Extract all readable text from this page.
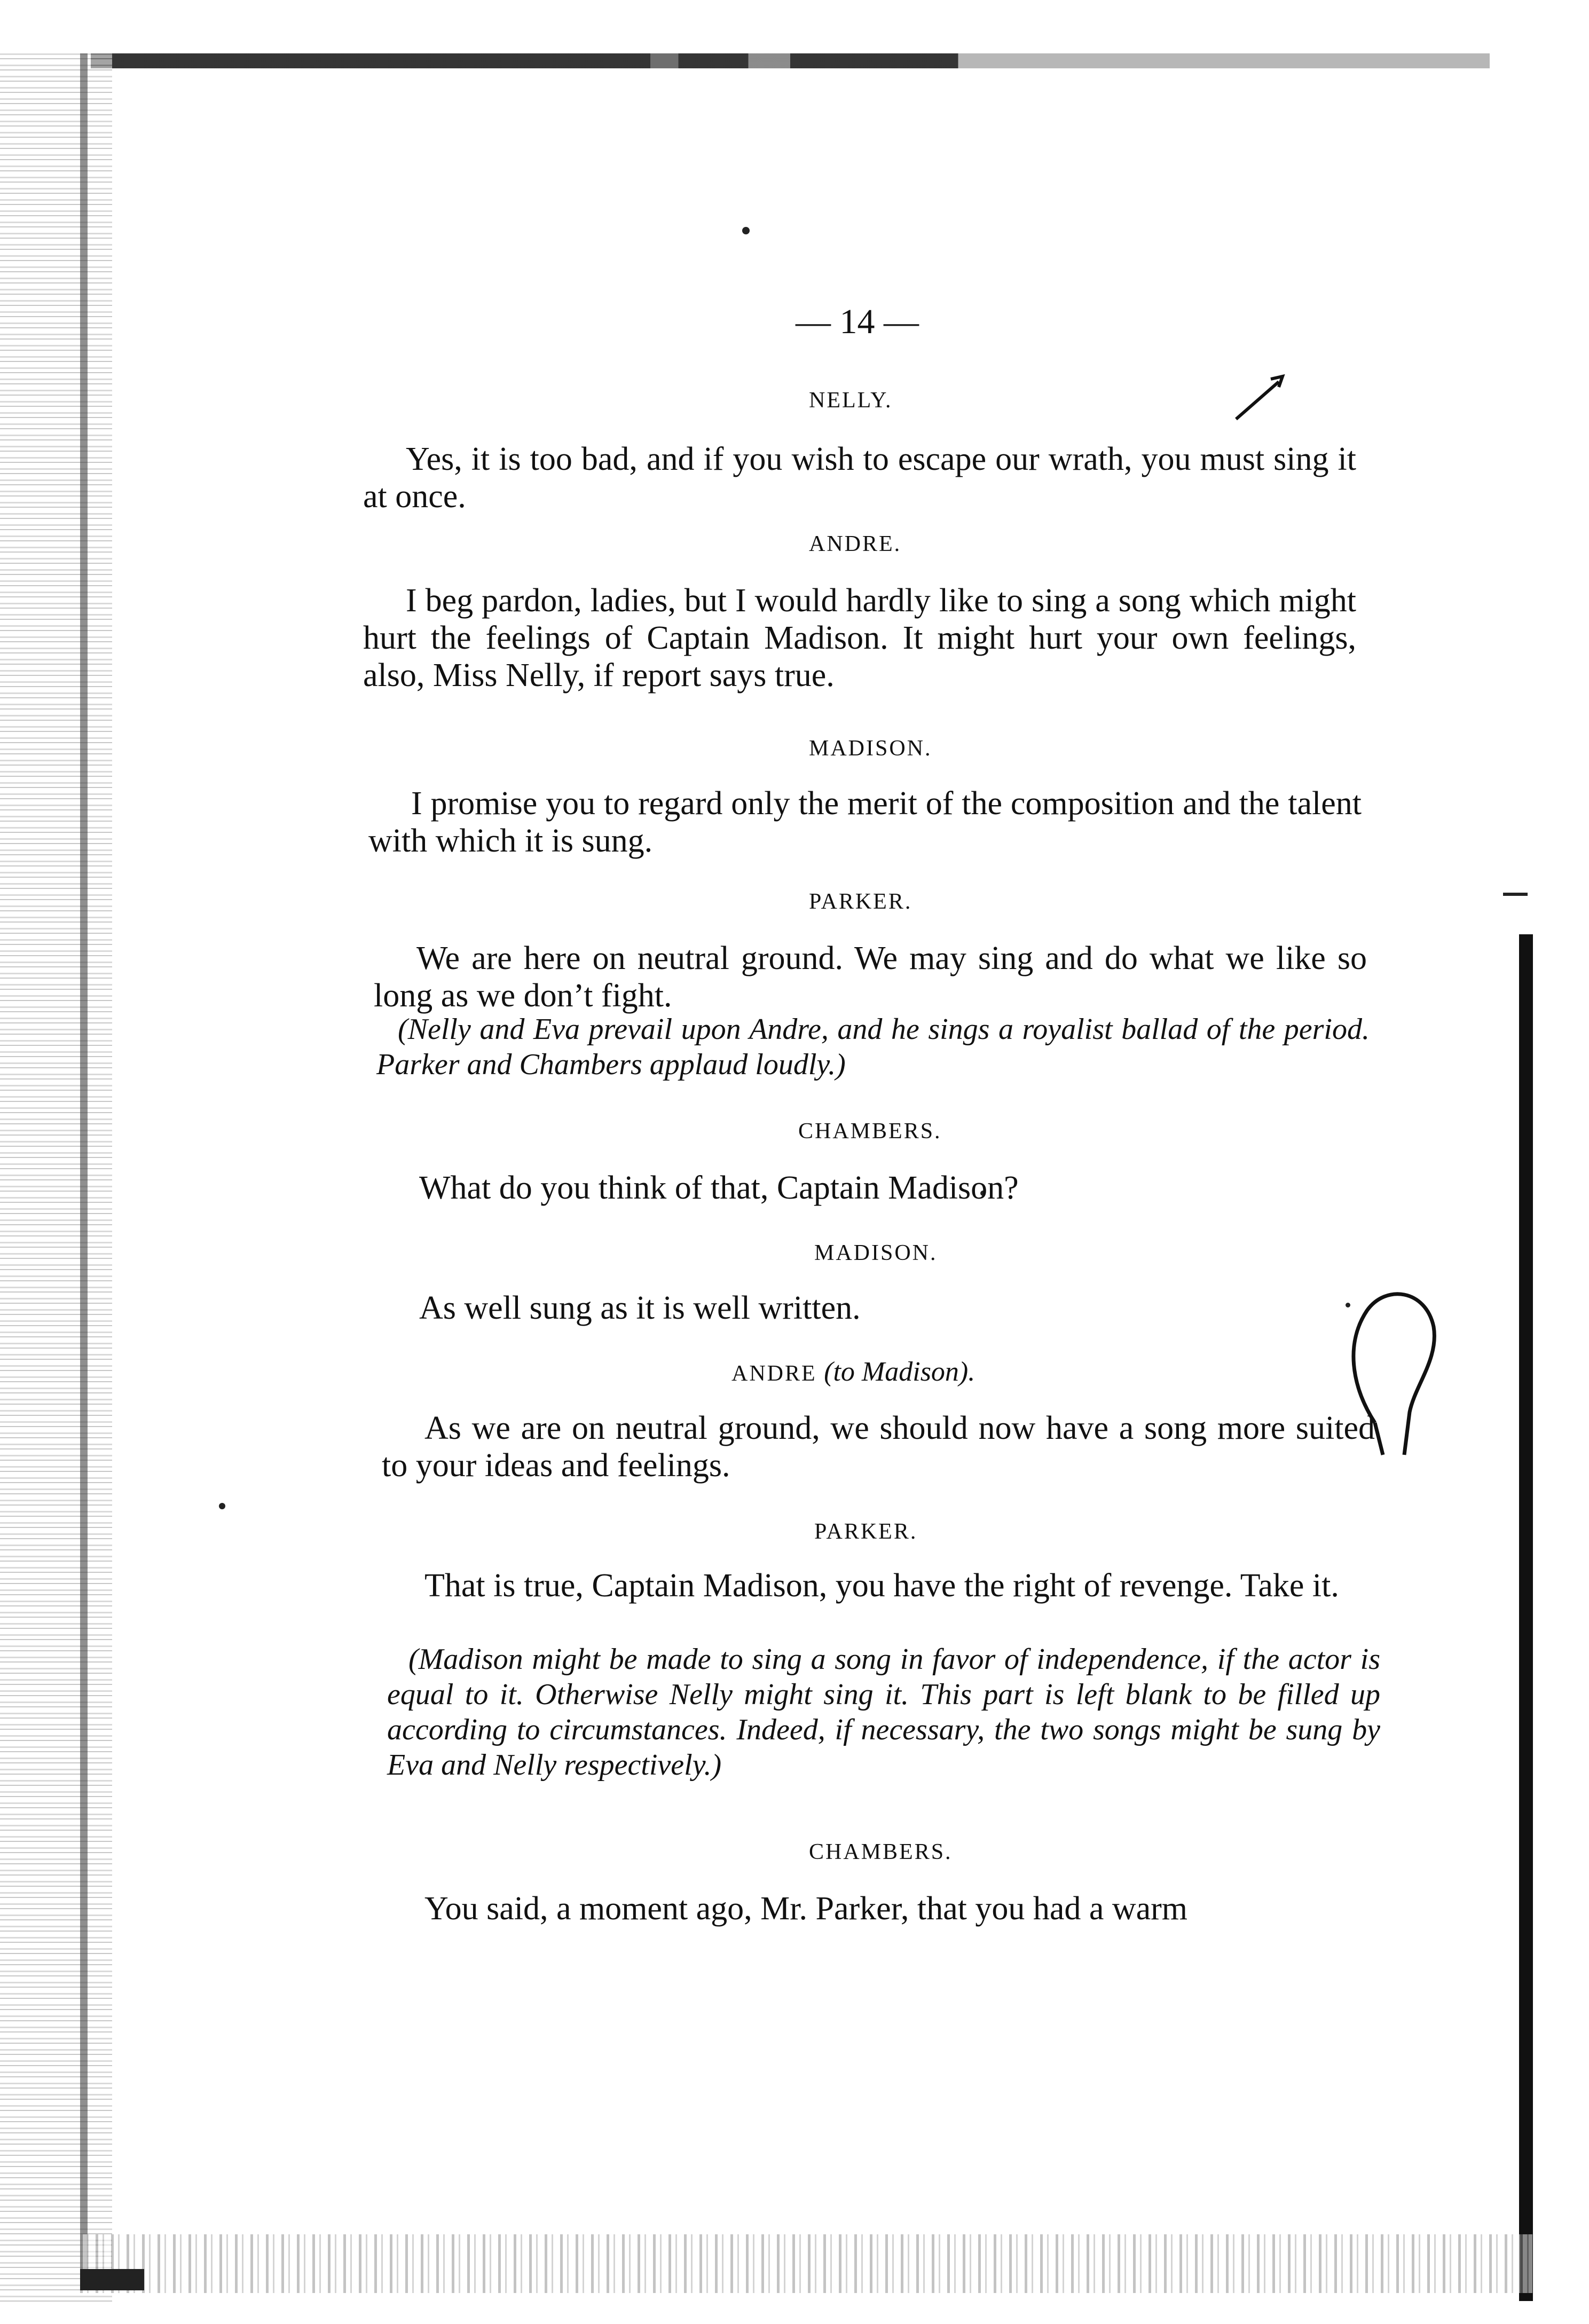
— 14 —
NELLY.
Yes, it is too bad, and if you wish to escape our wrath, you must sing it at once.
ANDRE.
I beg pardon, ladies, but I would hardly like to sing a song which might hurt the feelings of Captain Madison. It might hurt your own feelings, also, Miss Nelly, if report says true.
MADISON.
I promise you to regard only the merit of the composition and the talent with which it is sung.
PARKER.
We are here on neutral ground. We may sing and do what we like so long as we don’t fight.
(Nelly and Eva prevail upon Andre, and he sings a royalist ballad of the period. Parker and Chambers applaud loudly.)
CHAMBERS.
What do you think of that, Captain Madison?
MADISON.
As well sung as it is well written.
ANDRE (to Madison).
As we are on neutral ground, we should now have a song more suited to your ideas and feelings.
PARKER.
That is true, Captain Madison, you have the right of revenge. Take it.
(Madison might be made to sing a song in favor of independence, if the actor is equal to it. Otherwise Nelly might sing it. This part is left blank to be filled up according to circumstances. Indeed, if necessary, the two songs might be sung by Eva and Nelly respectively.)
CHAMBERS.
You said, a moment ago, Mr. Parker, that you had a warm
